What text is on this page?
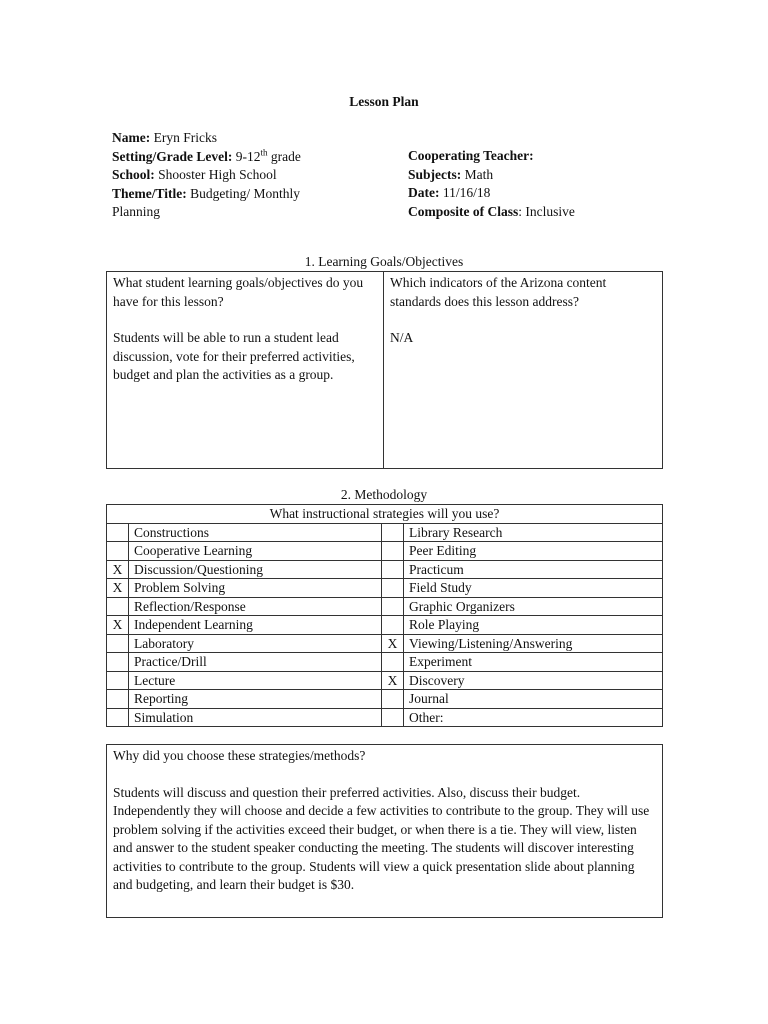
Lesson Plan
Name: Eryn Fricks
Setting/Grade Level: 9-12th grade
School: Shooster High School
Theme/Title: Budgeting/ Monthly
Planning
Cooperating Teacher:
Subjects: Math
Date: 11/16/18
Composite of Class: Inclusive
1. Learning Goals/Objectives

What student learning goals/objectives do you have for this lesson?

Students will be able to run a student lead discussion, vote for their preferred activities, budget and plan the activities as a group.

Which indicators of the Arizona content standards does this lesson address?

N/A

2. Methodology
What instructional strategies will you use?			
	Constructions		Library Research
	Cooperative Learning		Peer Editing
X	Discussion/Questioning		Practicum
X	Problem Solving		Field Study
	Reflection/Response		Graphic Organizers
X	Independent Learning		Role Playing
	Laboratory	X	Viewing/Listening/Answering
	Practice/Drill		Experiment
	Lecture	X	Discovery
	Reporting		Journal
	Simulation		Other:

Why did you choose these strategies/methods?

Students will discuss and question their preferred activities. Also, discuss their budget. Independently they will choose and decide a few activities to contribute to the group. They will use problem solving if the activities exceed their budget, or when there is a tie. They will view, listen and answer to the student speaker conducting the meeting. The students will discover interesting activities to contribute to the group. Students will view a quick presentation slide about planning and budgeting, and learn their budget is $30.
